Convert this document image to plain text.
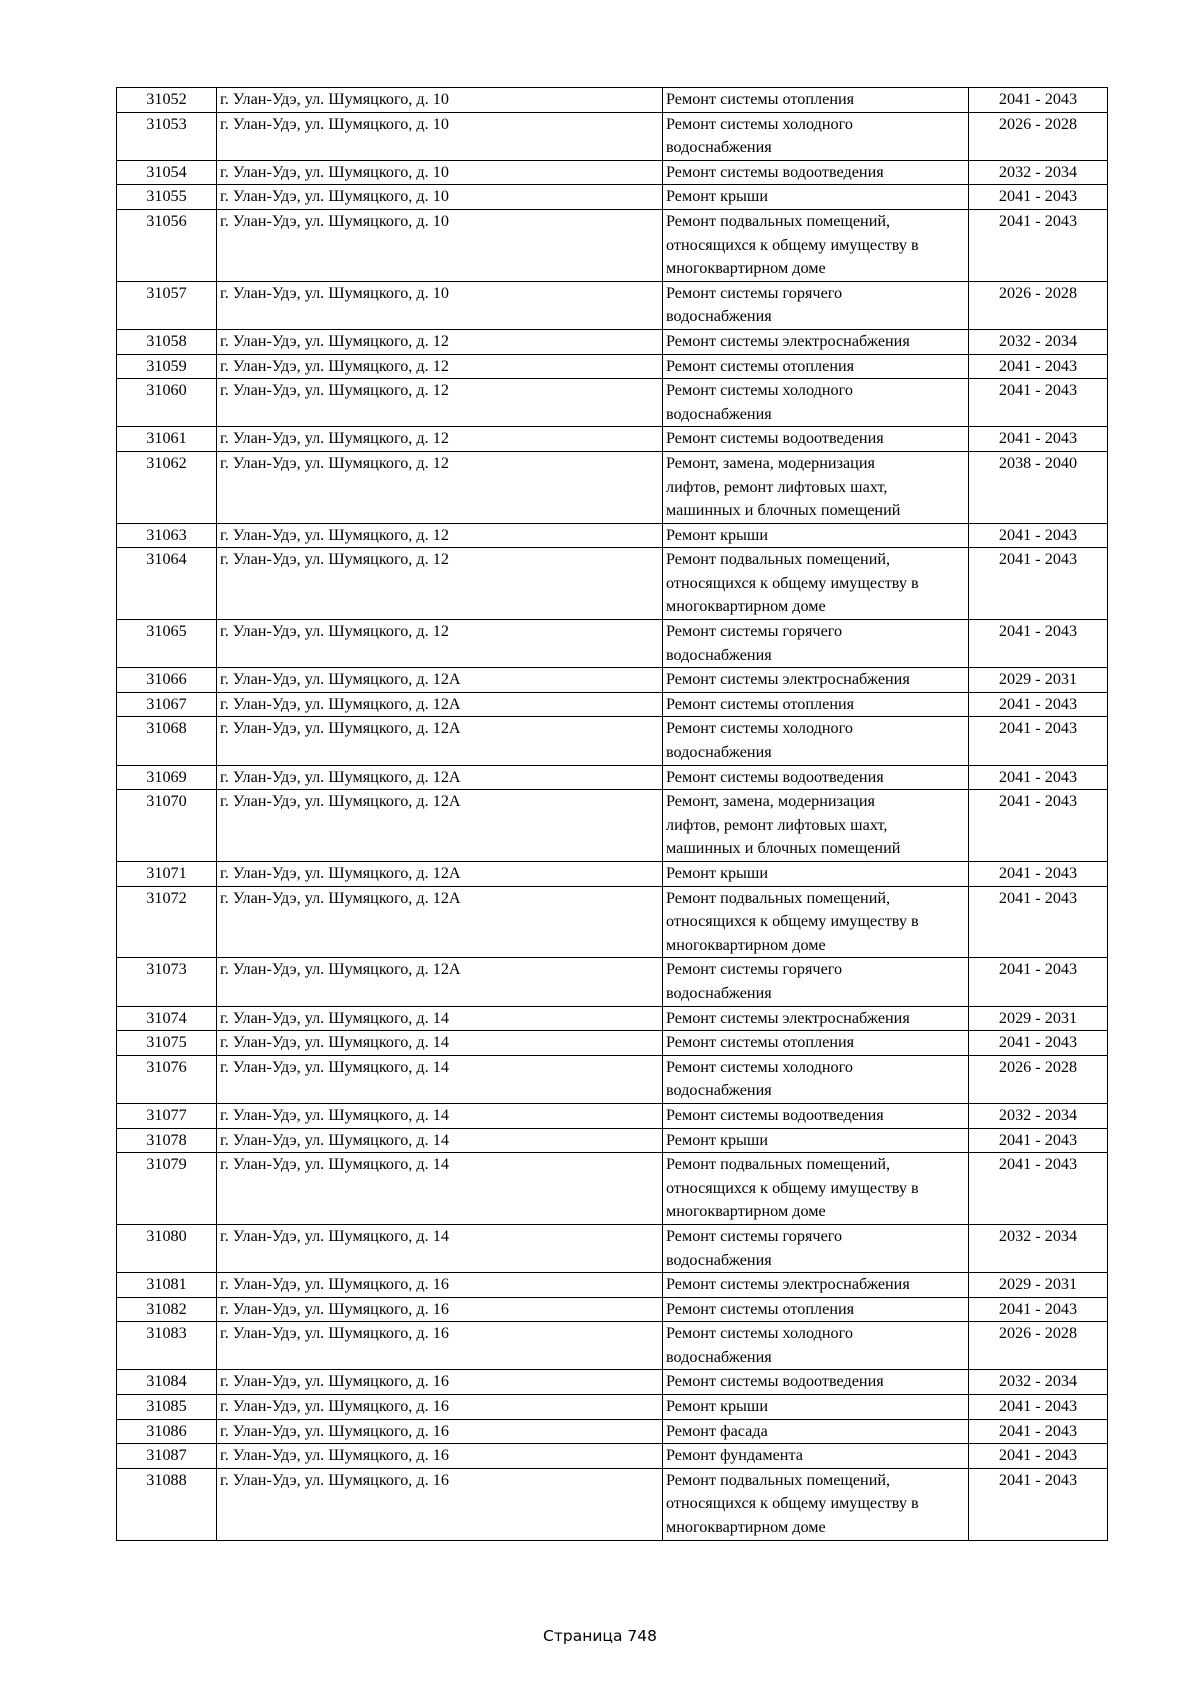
31052	г. Улан-Удэ, ул. Шумяцкого, д. 10	Ремонт системы отопления	2041 - 2043
31053	г. Улан-Удэ, ул. Шумяцкого, д. 10	Ремонт системы холодного
водоснабжения	2026 - 2028
31054	г. Улан-Удэ, ул. Шумяцкого, д. 10	Ремонт системы водоотведения	2032 - 2034
31055	г. Улан-Удэ, ул. Шумяцкого, д. 10	Ремонт крыши	2041 - 2043
31056	г. Улан-Удэ, ул. Шумяцкого, д. 10	Ремонт подвальных помещений,
относящихся к общему имуществу в
многоквартирном доме	2041 - 2043
31057	г. Улан-Удэ, ул. Шумяцкого, д. 10	Ремонт системы горячего
водоснабжения	2026 - 2028
31058	г. Улан-Удэ, ул. Шумяцкого, д. 12	Ремонт системы электроснабжения	2032 - 2034
31059	г. Улан-Удэ, ул. Шумяцкого, д. 12	Ремонт системы отопления	2041 - 2043
31060	г. Улан-Удэ, ул. Шумяцкого, д. 12	Ремонт системы холодного
водоснабжения	2041 - 2043
31061	г. Улан-Удэ, ул. Шумяцкого, д. 12	Ремонт системы водоотведения	2041 - 2043
31062	г. Улан-Удэ, ул. Шумяцкого, д. 12	Ремонт, замена, модернизация
лифтов, ремонт лифтовых шахт,
машинных и блочных помещений	2038 - 2040
31063	г. Улан-Удэ, ул. Шумяцкого, д. 12	Ремонт крыши	2041 - 2043
31064	г. Улан-Удэ, ул. Шумяцкого, д. 12	Ремонт подвальных помещений,
относящихся к общему имуществу в
многоквартирном доме	2041 - 2043
31065	г. Улан-Удэ, ул. Шумяцкого, д. 12	Ремонт системы горячего
водоснабжения	2041 - 2043
31066	г. Улан-Удэ, ул. Шумяцкого, д. 12А	Ремонт системы электроснабжения	2029 - 2031
31067	г. Улан-Удэ, ул. Шумяцкого, д. 12А	Ремонт системы отопления	2041 - 2043
31068	г. Улан-Удэ, ул. Шумяцкого, д. 12А	Ремонт системы холодного
водоснабжения	2041 - 2043
31069	г. Улан-Удэ, ул. Шумяцкого, д. 12А	Ремонт системы водоотведения	2041 - 2043
31070	г. Улан-Удэ, ул. Шумяцкого, д. 12А	Ремонт, замена, модернизация
лифтов, ремонт лифтовых шахт,
машинных и блочных помещений	2041 - 2043
31071	г. Улан-Удэ, ул. Шумяцкого, д. 12А	Ремонт крыши	2041 - 2043
31072	г. Улан-Удэ, ул. Шумяцкого, д. 12А	Ремонт подвальных помещений,
относящихся к общему имуществу в
многоквартирном доме	2041 - 2043
31073	г. Улан-Удэ, ул. Шумяцкого, д. 12А	Ремонт системы горячего
водоснабжения	2041 - 2043
31074	г. Улан-Удэ, ул. Шумяцкого, д. 14	Ремонт системы электроснабжения	2029 - 2031
31075	г. Улан-Удэ, ул. Шумяцкого, д. 14	Ремонт системы отопления	2041 - 2043
31076	г. Улан-Удэ, ул. Шумяцкого, д. 14	Ремонт системы холодного
водоснабжения	2026 - 2028
31077	г. Улан-Удэ, ул. Шумяцкого, д. 14	Ремонт системы водоотведения	2032 - 2034
31078	г. Улан-Удэ, ул. Шумяцкого, д. 14	Ремонт крыши	2041 - 2043
31079	г. Улан-Удэ, ул. Шумяцкого, д. 14	Ремонт подвальных помещений,
относящихся к общему имуществу в
многоквартирном доме	2041 - 2043
31080	г. Улан-Удэ, ул. Шумяцкого, д. 14	Ремонт системы горячего
водоснабжения	2032 - 2034
31081	г. Улан-Удэ, ул. Шумяцкого, д. 16	Ремонт системы электроснабжения	2029 - 2031
31082	г. Улан-Удэ, ул. Шумяцкого, д. 16	Ремонт системы отопления	2041 - 2043
31083	г. Улан-Удэ, ул. Шумяцкого, д. 16	Ремонт системы холодного
водоснабжения	2026 - 2028
31084	г. Улан-Удэ, ул. Шумяцкого, д. 16	Ремонт системы водоотведения	2032 - 2034
31085	г. Улан-Удэ, ул. Шумяцкого, д. 16	Ремонт крыши	2041 - 2043
31086	г. Улан-Удэ, ул. Шумяцкого, д. 16	Ремонт фасада	2041 - 2043
31087	г. Улан-Удэ, ул. Шумяцкого, д. 16	Ремонт фундамента	2041 - 2043
31088	г. Улан-Удэ, ул. Шумяцкого, д. 16	Ремонт подвальных помещений,
относящихся к общему имуществу в
многоквартирном доме	2041 - 2043
Страница 748
